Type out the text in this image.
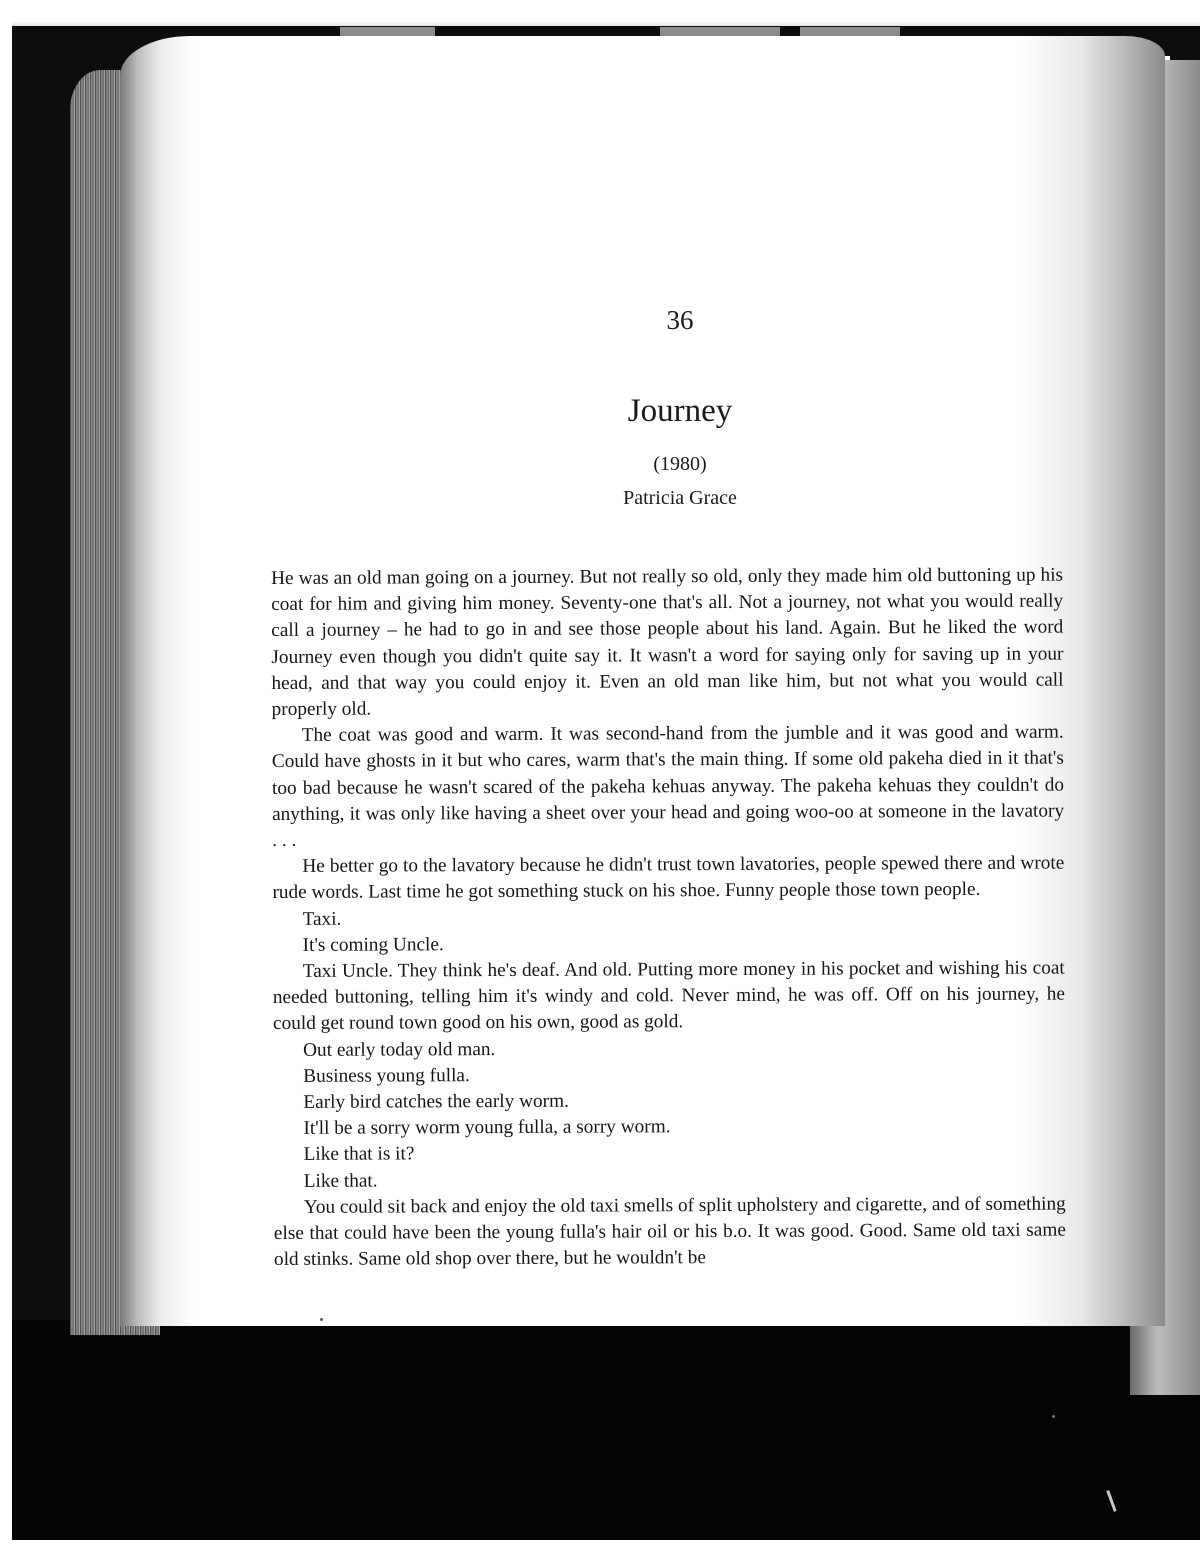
36
Journey
(1980)
Patricia Grace

He was an old man going on a journey. But not really so old, only they made him old buttoning up his coat for him and giving him money. Seventy-one that's all. Not a journey, not what you would really call a journey – he had to go in and see those people about his land. Again. But he liked the word Journey even though you didn't quite say it. It wasn't a word for saying only for saving up in your head, and that way you could enjoy it. Even an old man like him, but not what you would call properly old.

The coat was good and warm. It was second-hand from the jumble and it was good and warm. Could have ghosts in it but who cares, warm that's the main thing. If some old pakeha died in it that's too bad because he wasn't scared of the pakeha kehuas anyway. The pakeha kehuas they couldn't do anything, it was only like having a sheet over your head and going woo-oo at someone in the lavatory . . .

He better go to the lavatory because he didn't trust town lavatories, people spewed there and wrote rude words. Last time he got something stuck on his shoe. Funny people those town people.

Taxi.

It's coming Uncle.

Taxi Uncle. They think he's deaf. And old. Putting more money in his pocket and wishing his coat needed buttoning, telling him it's windy and cold. Never mind, he was off. Off on his journey, he could get round town good on his own, good as gold.

Out early today old man.

Business young fulla.

Early bird catches the early worm.

It'll be a sorry worm young fulla, a sorry worm.

Like that is it?

Like that.

You could sit back and enjoy the old taxi smells of split upholstery and cigarette, and of something else that could have been the young fulla's hair oil or his b.o. It was good. Good. Same old taxi same old stinks. Same old shop over there, but he wouldn't be
